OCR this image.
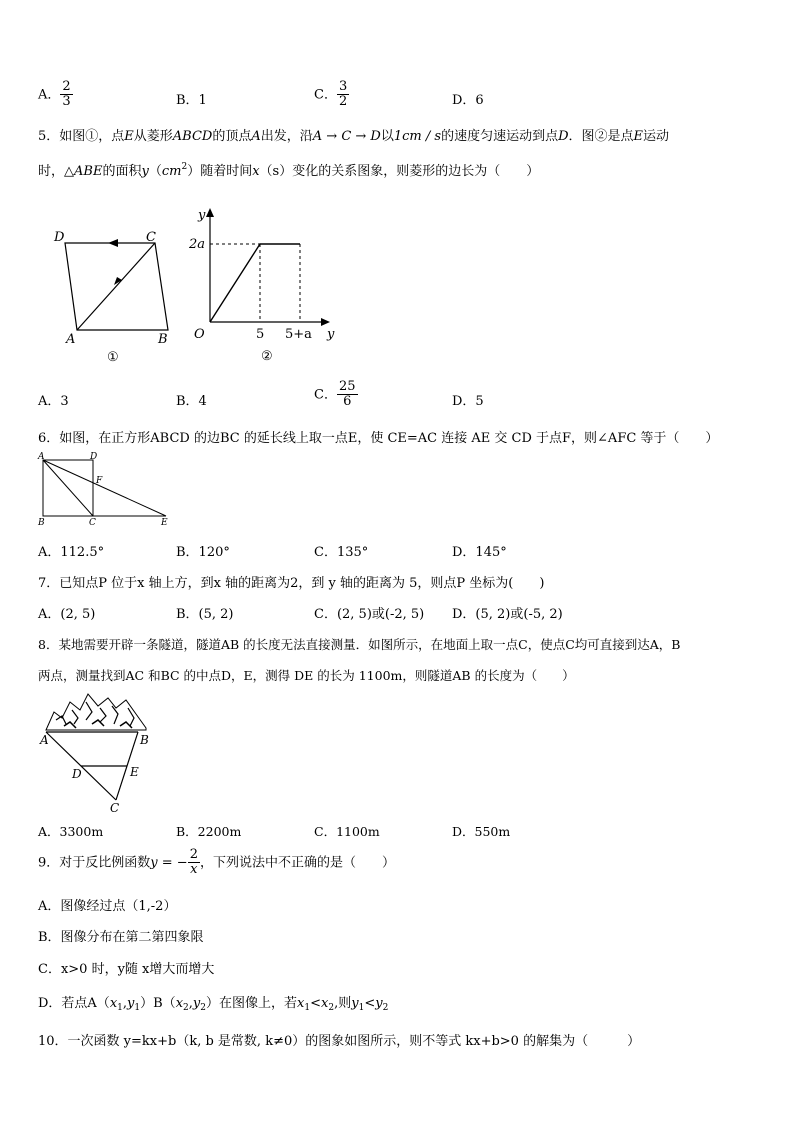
A． $\frac{2}{3}$	B．1	C． $\frac{3}{2}$	D．6
5．如图①，点E从菱形ABCD的顶点A出发，沿A → C → D以1cm / s的速度匀速运动到点D．图②是点E运动
时，△ABE的面积$y(cm^2)$随着时间x（s）变化的关系图象，则菱形的边长为（　　）
D	C
A	B
①
y
2a
O	5 5+a y
②
A．3	B．4	C． $\frac{25}{6}$	D．5
6．如图，在正方形ABCD 的边BC 的延长线上取一点E，使 CE=AC 连接 AE 交 CD 于点F，则∠AFC 等于（　　）
A	D
F
B	C	E
A．112.5°	B．120°	C．135°	D．145°
7．已知点P 位于x 轴上方，到x 轴的距离为2，到 y 轴的距离为 5，则点P 坐标为(　　)
A．(2, 5)	B．(5, 2)	C．(2, 5)或(-2, 5) D．(5, 2)或(-5, 2)
8．某地需要开辟一条隧道，隧道AB 的长度无法直接测量．如图所示，在地面上取一点C，使点C均可直接到达A，B
两点，测量找到AC 和BC 的中点D，E，测得 DE 的长为 1100m，则隧道AB 的长度为（　　）
A	B
D	E
C
A．3300m	B．2200m	C．1100m	D．550m
9．对于反比例函数y = − $\frac{2}{x}$ ，下列说法中不正确的是（　　）
A．图像经过点（1,-2）
B．图像分布在第二第四象限
C．x>0 时，y随 x增大而增大
D．若点$A(x_1,y_1)B(x_2,y_2)$在图像上，若$x_1<x_2$,则$y_1<y_2$
10．一次函数 y=kx+b（k, b 是常数, k≠0）的图象如图所示，则不等式 kx+b>0 的解集为（　　　）
